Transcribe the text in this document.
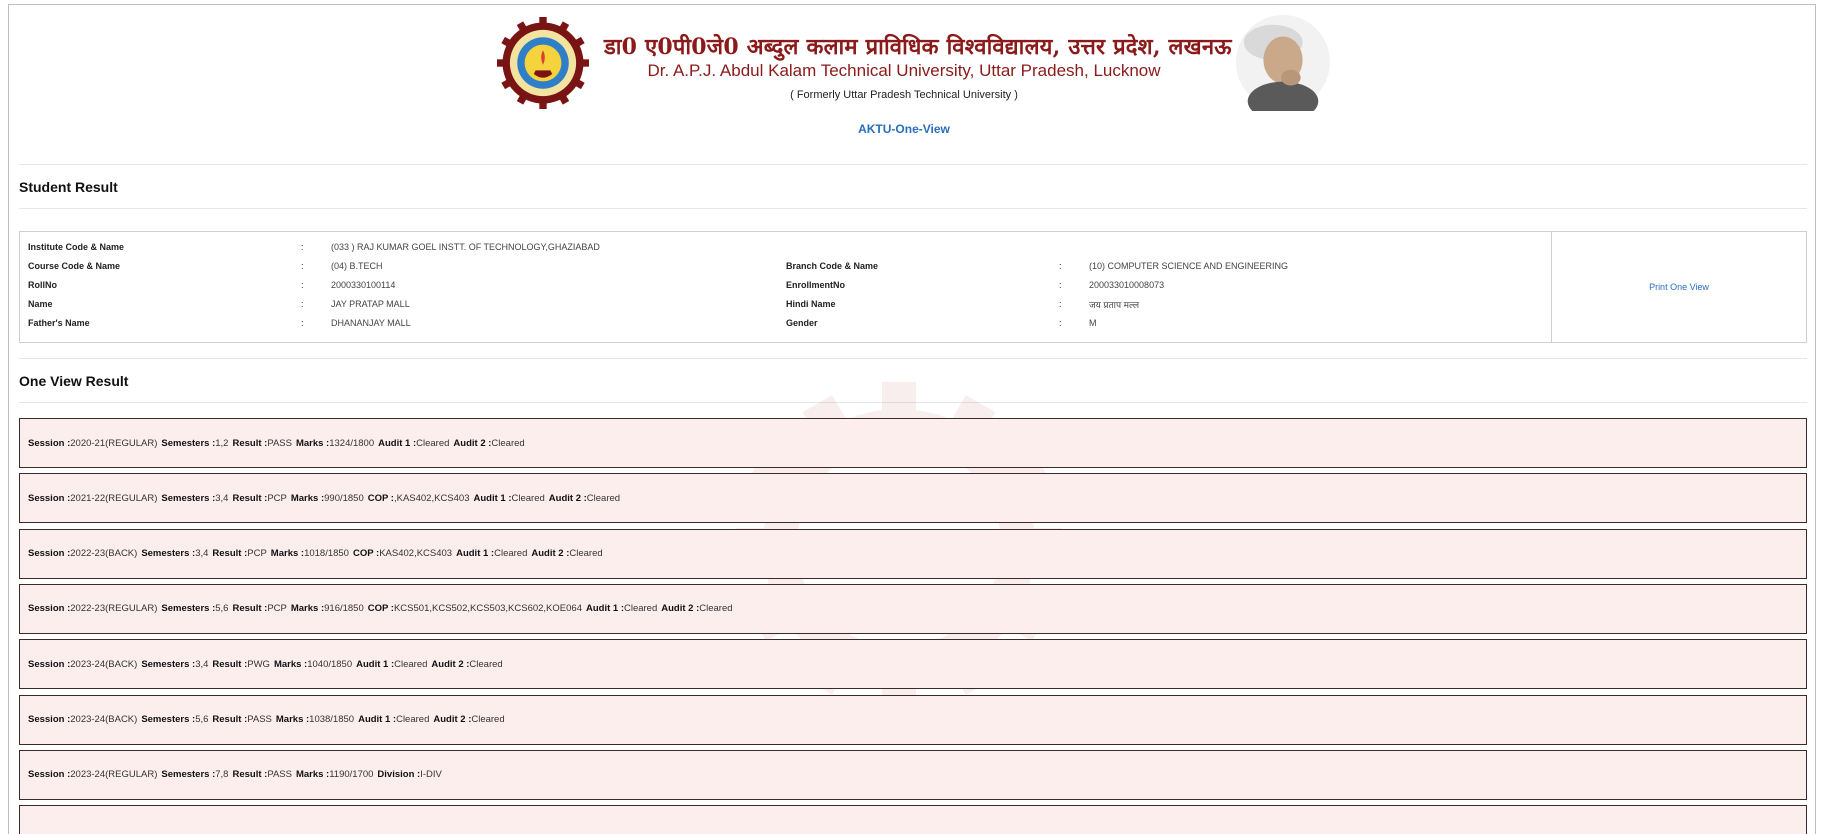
डा0 ए0पी0जे0 अब्दुल कलाम प्राविधिक विश्वविद्यालय, उत्तर प्रदेश, लखनऊ
Dr. A.P.J. Abdul Kalam Technical University, Uttar Pradesh, Lucknow
( Formerly Uttar Pradesh Technical University )
AKTU-One-View
Student Result
Institute Code & Name	:	(033 ) RAJ KUMAR GOEL INSTT. OF TECHNOLOGY,GHAZIABAD
Course Code & Name	:	(04) B.TECH	Branch Code & Name	:	(10) COMPUTER SCIENCE AND ENGINEERING
RollNo	:	2000330100114	EnrollmentNo	:	200033010008073
Name	:	JAY PRATAP MALL	Hindi Name	:	जय प्रताप मल्ल
Father's Name	:	DHANANJAY MALL	Gender	:	M
Print One View
One View Result
Session : 2020-21(REGULAR) Semesters : 1,2 Result : PASS Marks : 1324/1800 Audit 1 : Cleared Audit 2 : Cleared
Session : 2021-22(REGULAR) Semesters : 3,4 Result : PCP Marks : 990/1850 COP : ,KAS402,KCS403 Audit 1 : Cleared Audit 2 : Cleared
Session : 2022-23(BACK) Semesters : 3,4 Result : PCP Marks : 1018/1850 COP : KAS402,KCS403 Audit 1 : Cleared Audit 2 : Cleared
Session : 2022-23(REGULAR) Semesters : 5,6 Result : PCP Marks : 916/1850 COP : KCS501,KCS502,KCS503,KCS602,KOE064 Audit 1 : Cleared Audit 2 : Cleared
Session : 2023-24(BACK) Semesters : 3,4 Result : PWG Marks : 1040/1850 Audit 1 : Cleared Audit 2 : Cleared
Session : 2023-24(BACK) Semesters : 5,6 Result : PASS Marks : 1038/1850 Audit 1 : Cleared Audit 2 : Cleared
Session : 2023-24(REGULAR) Semesters : 7,8 Result : PASS Marks : 1190/1700 Division : I-DIV
